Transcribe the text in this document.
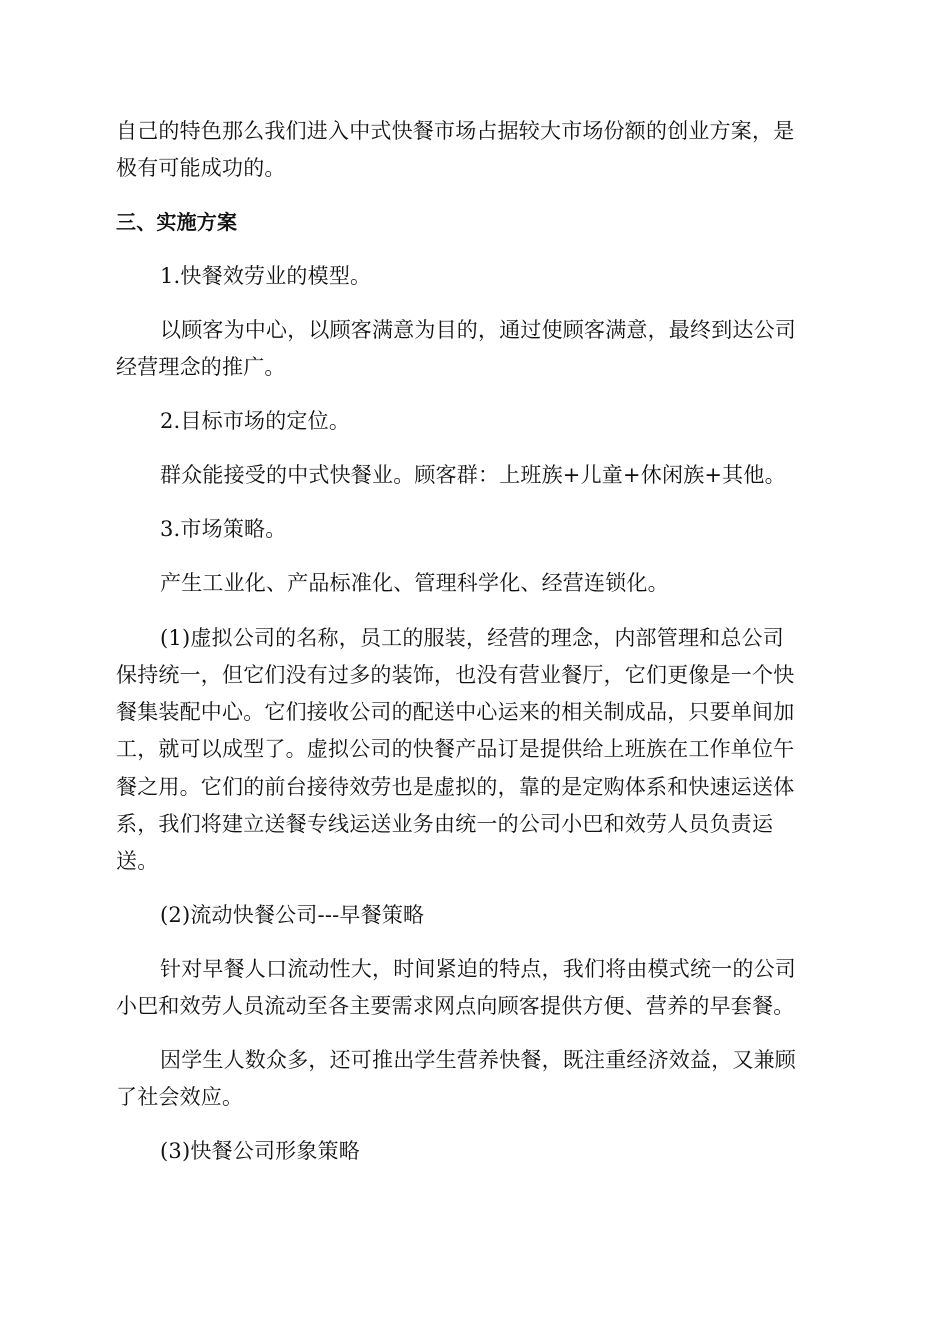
自己的特色那么我们进入中式快餐市场占据较大市场份额的创业方案，是
极有可能成功的。
三、实施方案
1.快餐效劳业的模型。
以顾客为中心，以顾客满意为目的，通过使顾客满意，最终到达公司
经营理念的推广。
2.目标市场的定位。
群众能接受的中式快餐业。顾客群：上班族+儿童+休闲族+其他。
3.市场策略。
产生工业化、产品标准化、管理科学化、经营连锁化。
(1)虚拟公司的名称，员工的服装，经营的理念，内部管理和总公司
保持统一，但它们没有过多的装饰，也没有营业餐厅，它们更像是一个快
餐集装配中心。它们接收公司的配送中心运来的相关制成品，只要单间加
工，就可以成型了。虚拟公司的快餐产品订是提供给上班族在工作单位午
餐之用。它们的前台接待效劳也是虚拟的，靠的是定购体系和快速运送体
系，我们将建立送餐专线运送业务由统一的公司小巴和效劳人员负责运
送。
(2)流动快餐公司---早餐策略
针对早餐人口流动性大，时间紧迫的特点，我们将由模式统一的公司
小巴和效劳人员流动至各主要需求网点向顾客提供方便、营养的早套餐。
因学生人数众多，还可推出学生营养快餐，既注重经济效益，又兼顾
了社会效应。
(3)快餐公司形象策略
